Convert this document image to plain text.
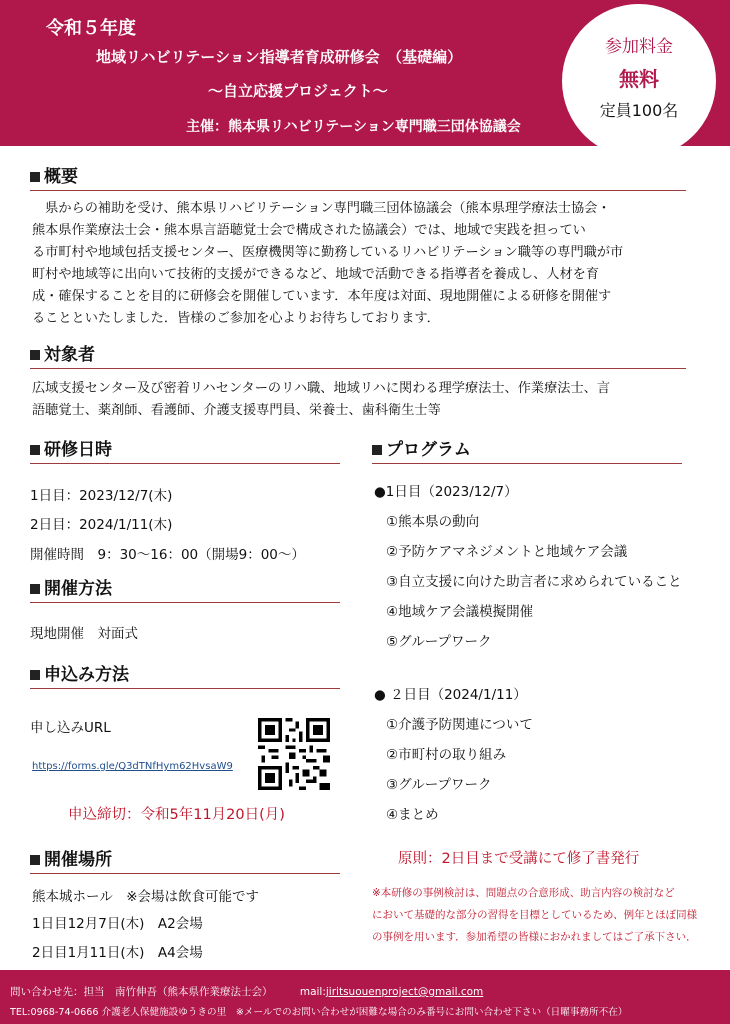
令和５年度
地域リハビリテーション指導者育成研修会　（基礎編）
～自立応援プロジェクト～
主催：熊本県リハビリテーション専門職三団体協議会
参加料金
無料
定員100名
概要
　県からの補助を受け、熊本県リハビリテーション専門職三団体協議会（熊本県理学療法士協会・
熊本県作業療法士会・熊本県言語聴覚士会で構成された協議会）では、地域で実践を担ってい
る市町村や地域包括支援センター、医療機関等に勤務しているリハビリテーション職等の専門職が市
町村や地域等に出向いて技術的支援ができるなど、地域で活動できる指導者を養成し、人材を育
成・確保することを目的に研修会を開催しています．本年度は対面、現地開催による研修を開催す
ることといたしました．皆様のご参加を心よりお待ちしております．
対象者
広域支援センター及び密着リハセンターのリハ職、地域リハに関わる理学療法士、作業療法士、言
語聴覚士、薬剤師、看護師、介護支援専門員、栄養士、歯科衛生士等
研修日時
1日目：2023/12/7(木)
2日目：2024/1/11(木)
開催時間　9：30〜16：00（開場9：00〜）
開催方法
現地開催　対面式
申込み方法
申し込みURL
https://forms.gle/Q3dTNfHym62HvsaW9
申込締切：令和5年11月20日(月)
開催場所
熊本城ホール　※会場は飲食可能です
1日目12月7日(木)　A2会場
2日目1月11日(木)　A4会場
プログラム
●1日目（2023/12/7）
①熊本県の動向
②予防ケアマネジメントと地域ケア会議
③自立支援に向けた助言者に求められていること
④地域ケア会議模擬開催
⑤グループワーク
● ２日目（2024/1/11）
①介護予防関連について
②市町村の取り組み
③グループワーク
④まとめ
原則：2日目まで受講にて修了書発行
※本研修の事例検討は、問題点の合意形成、助言内容の検討など
において基礎的な部分の習得を目標としているため、例年とほぼ同様
の事例を用います．参加希望の皆様におかれましてはご了承下さい．
問い合わせ先：担当　南竹伸吾（熊本県作業療法士会）	mail:jiritsuouenproject@gmail.com
TEL:0968-74-0666 介護老人保健施設ゆうきの里　※メールでのお問い合わせが困難な場合のみ番号にお問い合わせ下さい（日曜事務所不在）
